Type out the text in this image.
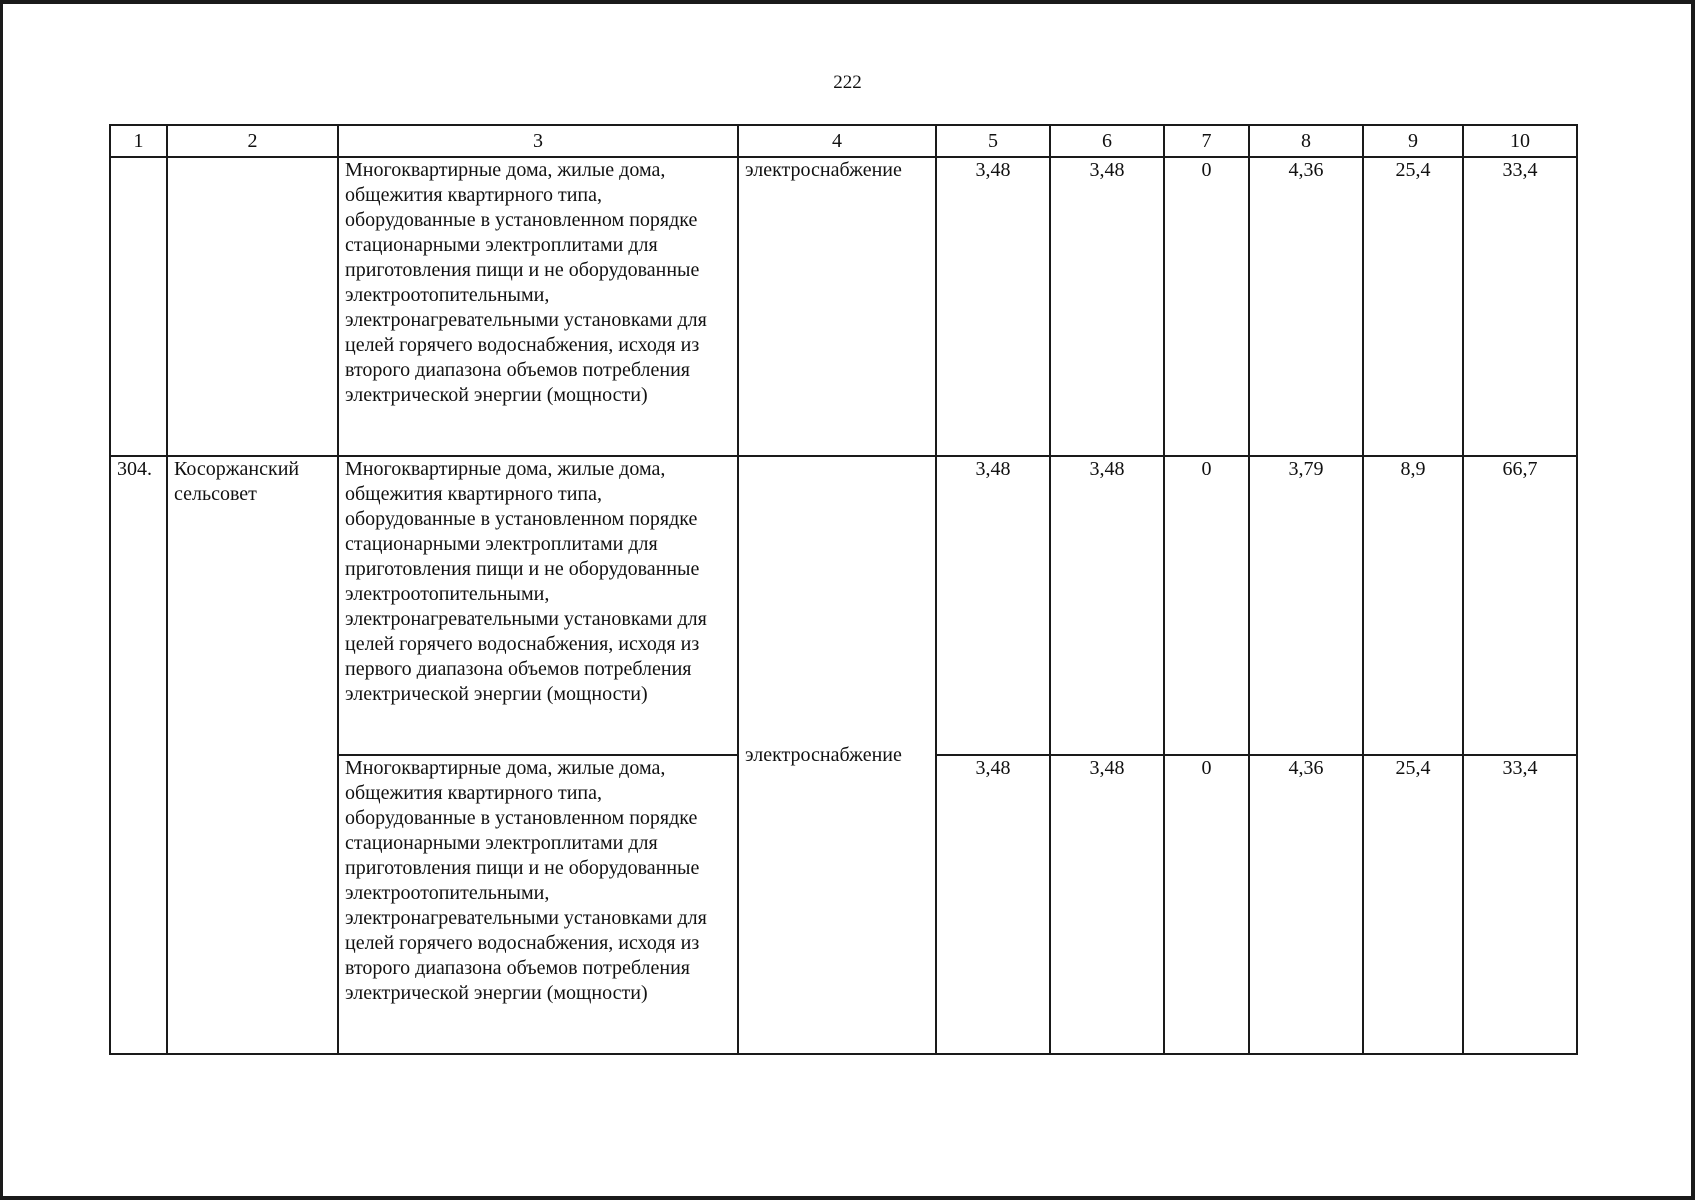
222
1	2	3	4	5	6	7	8	9	10
		Многоквартирные дома, жилые дома, общежития квартирного типа, оборудованные в установленном порядке стационарными электроплитами для приготовления пищи и не оборудованные электроотопительными, электронагревательными установками для целей горячего водоснабжения, исходя из второго диапазона объемов потребления электрической энергии (мощности)	электроснабжение	3,48	3,48	0	4,36	25,4	33,4
304.	Косоржанский сельсовет	Многоквартирные дома, жилые дома, общежития квартирного типа, оборудованные в установленном порядке стационарными электроплитами для приготовления пищи и не оборудованные электроотопительными, электронагревательными установками для целей горячего водоснабжения, исходя из первого диапазона объемов потребления электрической энергии (мощности)	электроснабжение	3,48	3,48	0	3,79	8,9	66,7
		Многоквартирные дома, жилые дома, общежития квартирного типа, оборудованные в установленном порядке стационарными электроплитами для приготовления пищи и не оборудованные электроотопительными, электронагревательными установками для целей горячего водоснабжения, исходя из второго диапазона объемов потребления электрической энергии (мощности)		3,48	3,48	0	4,36	25,4	33,4
